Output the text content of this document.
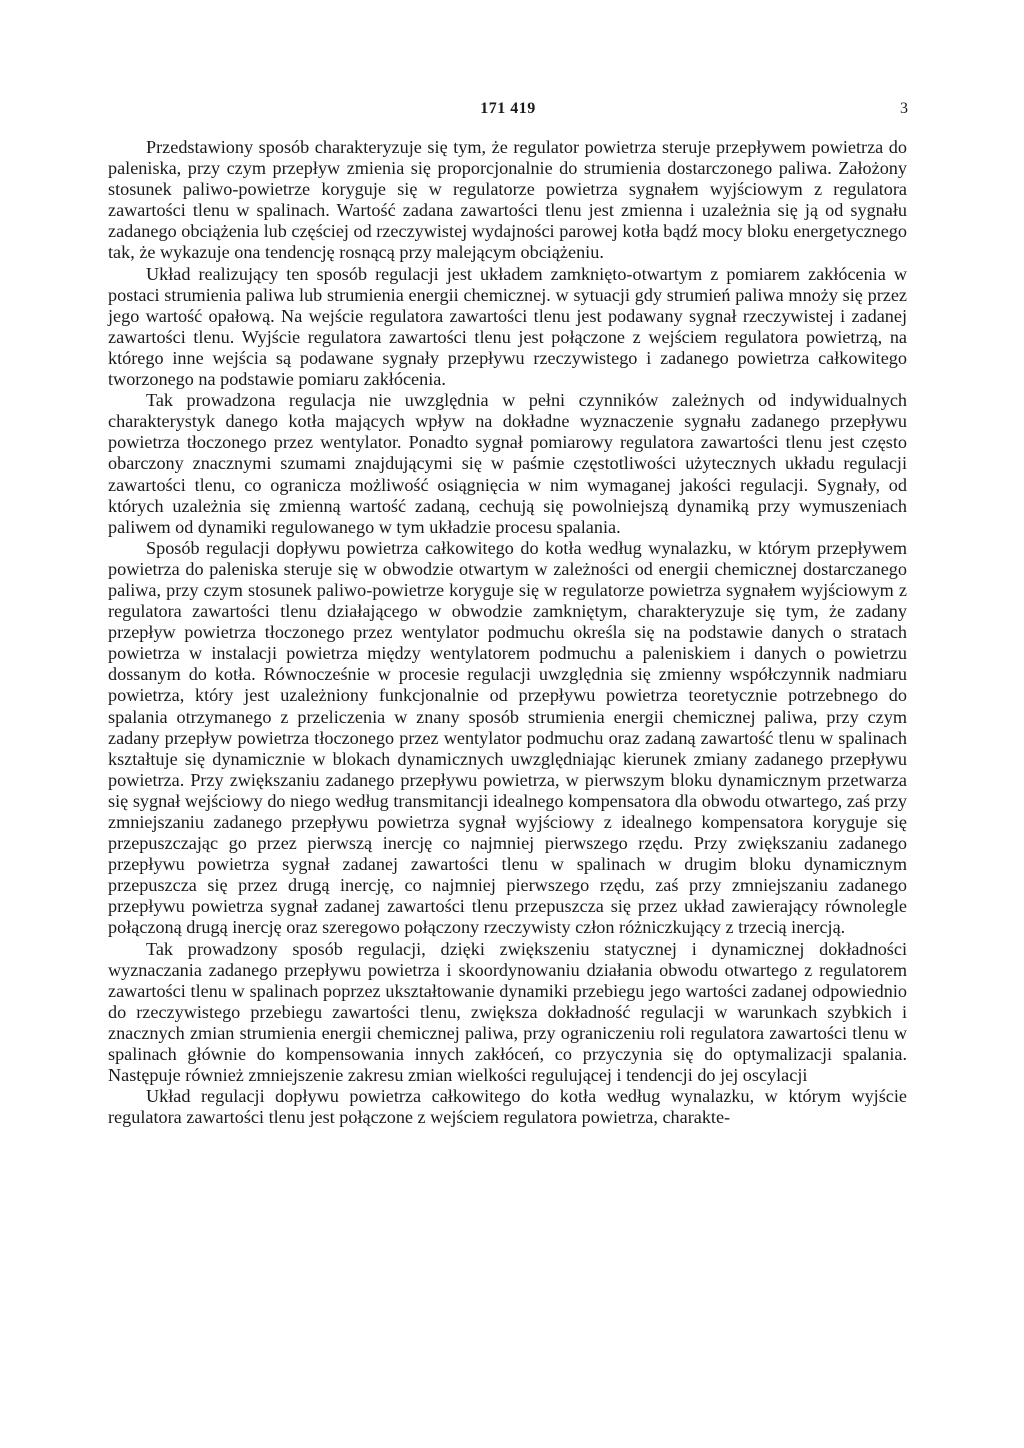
171 419	3

Przedstawiony sposób charakteryzuje się tym, że regulator powietrza steruje przepływem powietrza do paleniska, przy czym przepływ zmienia się proporcjonalnie do strumienia dostarczonego paliwa. Założony stosunek paliwo-powietrze koryguje się w regulatorze powietrza sygnałem wyjściowym z regulatora zawartości tlenu w spalinach. Wartość zadana zawartości tlenu jest zmienna i uzależnia się ją od sygnału zadanego obciążenia lub częściej od rzeczywistej wydajności parowej kotła bądź mocy bloku energetycznego tak, że wykazuje ona tendencję rosnącą przy malejącym obciążeniu.

Układ realizujący ten sposób regulacji jest układem zamknięto-otwartym z pomiarem zakłócenia w postaci strumienia paliwa lub strumienia energii chemicznej. w sytuacji gdy strumień paliwa mnoży się przez jego wartość opałową. Na wejście regulatora zawartości tlenu jest podawany sygnał rzeczywistej i zadanej zawartości tlenu. Wyjście regulatora zawartości tlenu jest połączone z wejściem regulatora powietrzą, na którego inne wejścia są podawane sygnały przepływu rzeczywistego i zadanego powietrza całkowitego tworzonego na podstawie pomiaru zakłócenia.

Tak prowadzona regulacja nie uwzględnia w pełni czynników zależnych od indywidualnych charakterystyk danego kotła mających wpływ na dokładne wyznaczenie sygnału zadanego przepływu powietrza tłoczonego przez wentylator. Ponadto sygnał pomiarowy regulatora zawartości tlenu jest często obarczony znacznymi szumami znajdującymi się w paśmie częstotliwości użytecznych układu regulacji zawartości tlenu, co ogranicza możliwość osiągnięcia w nim wymaganej jakości regulacji. Sygnały, od których uzależnia się zmienną wartość zadaną, cechują się powolniejszą dynamiką przy wymuszeniach paliwem od dynamiki regulowanego w tym układzie procesu spalania.

Sposób regulacji dopływu powietrza całkowitego do kotła według wynalazku, w którym przepływem powietrza do paleniska steruje się w obwodzie otwartym w zależności od energii chemicznej dostarczanego paliwa, przy czym stosunek paliwo-powietrze koryguje się w regulatorze powietrza sygnałem wyjściowym z regulatora zawartości tlenu działającego w obwodzie zamkniętym, charakteryzuje się tym, że zadany przepływ powietrza tłoczonego przez wentylator podmuchu określa się na podstawie danych o stratach powietrza w instalacji powietrza między wentylatorem podmuchu a paleniskiem i danych o powietrzu dossanym do kotła. Równocześnie w procesie regulacji uwzględnia się zmienny współczynnik nadmiaru powietrza, który jest uzależniony funkcjonalnie od przepływu powietrza teoretycznie potrzebnego do spalania otrzymanego z przeliczenia w znany sposób strumienia energii chemicznej paliwa, przy czym zadany przepływ powietrza tłoczonego przez wentylator podmuchu oraz zadaną zawartość tlenu w spalinach kształtuje się dynamicznie w blokach dynamicznych uwzględniając kierunek zmiany zadanego przepływu powietrza. Przy zwiększaniu zadanego przepływu powietrza, w pierwszym bloku dynamicznym przetwarza się sygnał wejściowy do niego według transmitancji idealnego kompensatora dla obwodu otwartego, zaś przy zmniejszaniu zadanego przepływu powietrza sygnał wyjściowy z idealnego kompensatora koryguje się przepuszczając go przez pierwszą inercję co najmniej pierwszego rzędu. Przy zwiększaniu zadanego przepływu powietrza sygnał zadanej zawartości tlenu w spalinach w drugim bloku dynamicznym przepuszcza się przez drugą inercję, co najmniej pierwszego rzędu, zaś przy zmniejszaniu zadanego przepływu powietrza sygnał zadanej zawartości tlenu przepuszcza się przez układ zawierający równolegle połączoną drugą inercję oraz szeregowo połączony rzeczywisty człon różniczkujący z trzecią inercją.

Tak prowadzony sposób regulacji, dzięki zwiększeniu statycznej i dynamicznej dokładności wyznaczania zadanego przepływu powietrza i skoordynowaniu działania obwodu otwartego z regulatorem zawartości tlenu w spalinach poprzez ukształtowanie dynamiki przebiegu jego wartości zadanej odpowiednio do rzeczywistego przebiegu zawartości tlenu, zwiększa dokładność regulacji w warunkach szybkich i znacznych zmian strumienia energii chemicznej paliwa, przy ograniczeniu roli regulatora zawartości tlenu w spalinach głównie do kompensowania innych zakłóceń, co przyczynia się do optymalizacji spalania. Następuje również zmniejszenie zakresu zmian wielkości regulującej i tendencji do jej oscylacji

Układ regulacji dopływu powietrza całkowitego do kotła według wynalazku, w którym wyjście regulatora zawartości tlenu jest połączone z wejściem regulatora powietrza, charakte-
